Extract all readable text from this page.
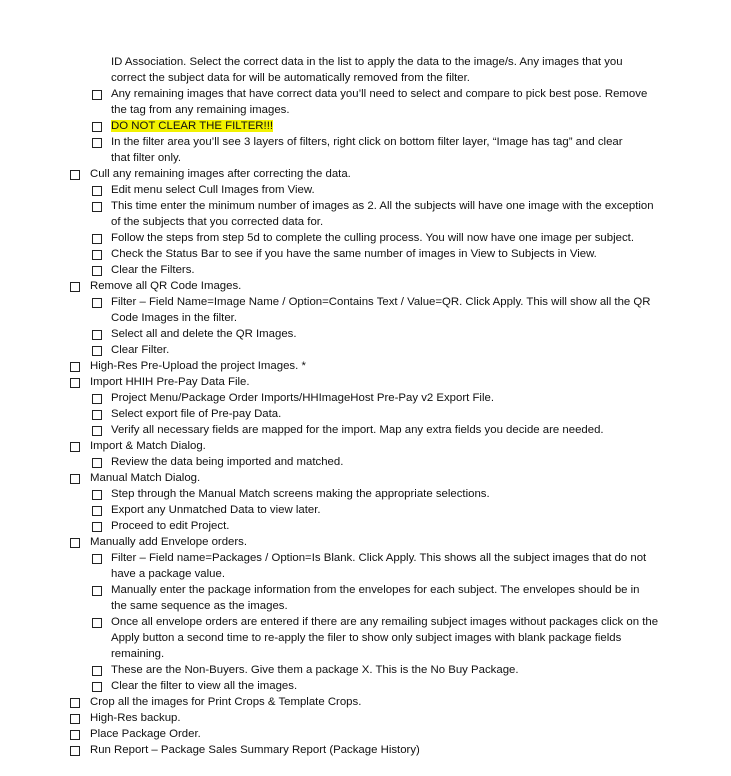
ID Association. Select the correct data in the list to apply the data to the image/s. Any images that you
correct the subject data for will be automatically removed from the filter.
Any remaining images that have correct data you’ll need to select and compare to pick best pose. Remove
the tag from any remaining images.
DO NOT CLEAR THE FILTER!!!
In the filter area you’ll see 3 layers of filters, right click on bottom filter layer, “Image has tag” and clear
that filter only.
Cull any remaining images after correcting the data.
Edit menu select Cull Images from View.
This time enter the minimum number of images as 2. All the subjects will have one image with the exception
of the subjects that you corrected data for.
Follow the steps from step 5d to complete the culling process. You will now have one image per subject.
Check the Status Bar to see if you have the same number of images in View to Subjects in View.
Clear the Filters.
Remove all QR Code Images.
Filter – Field Name=Image Name / Option=Contains Text / Value=QR. Click Apply. This will show all the QR
Code Images in the filter.
Select all and delete the QR Images.
Clear Filter.
High-Res Pre-Upload the project Images. *
Import HHIH Pre-Pay Data File.
Project Menu/Package Order Imports/HHImageHost Pre-Pay v2 Export File.
Select export file of Pre-pay Data.
Verify all necessary fields are mapped for the import. Map any extra fields you decide are needed.
Import & Match Dialog.
Review the data being imported and matched.
Manual Match Dialog.
Step through the Manual Match screens making the appropriate selections.
Export any Unmatched Data to view later.
Proceed to edit Project.
Manually add Envelope orders.
Filter – Field name=Packages / Option=Is Blank. Click Apply. This shows all the subject images that do not
have a package value.
Manually enter the package information from the envelopes for each subject. The envelopes should be in
the same sequence as the images.
Once all envelope orders are entered if there are any remailing subject images without packages click on the
Apply button a second time to re-apply the filer to show only subject images with blank package fields
remaining.
These are the Non-Buyers. Give them a package X. This is the No Buy Package.
Clear the filter to view all the images.
Crop all the images for Print Crops & Template Crops.
High-Res backup.
Place Package Order.
Run Report – Package Sales Summary Report (Package History)
